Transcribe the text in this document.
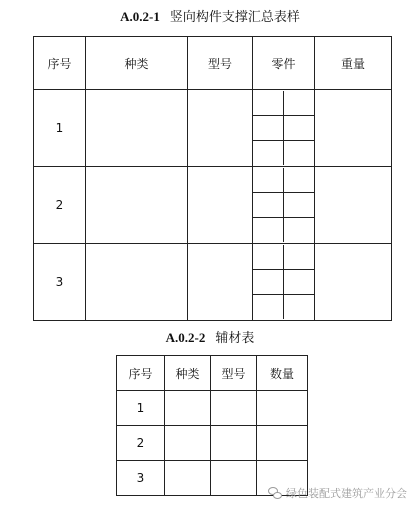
A.0.2-1 竖向构件支撑汇总表样
序号	种类	型号	零件	重量
1			

2			

3			

A.0.2-2 辅材表
序号	种类	型号	数量
1			
2			
3			
绿色装配式建筑产业分会
